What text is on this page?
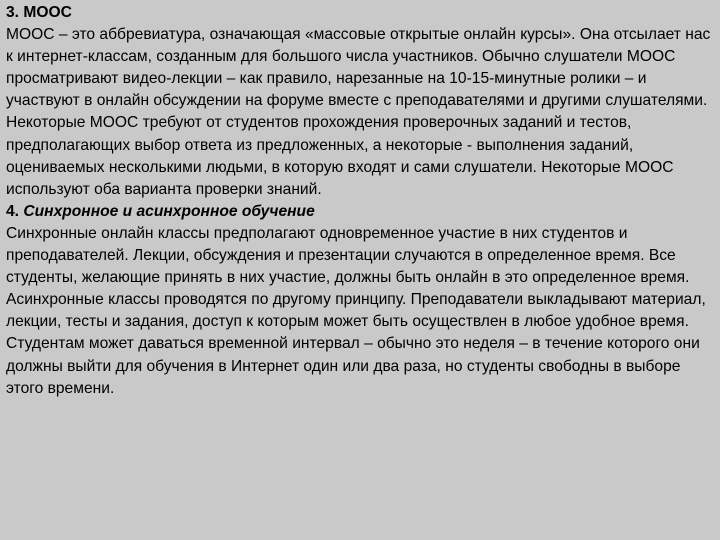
3. MOOC
MOOC – это аббревиатура, означающая «массовые открытые онлайн курсы». Она отсылает нас к интернет-классам, созданным для большого числа участников. Обычно слушатели MOOC просматривают видео-лекции – как правило, нарезанные на 10-15-минутные ролики – и участвуют в онлайн обсуждении на форуме вместе с преподавателями и другими слушателями. Некоторые MOOC требуют от студентов прохождения проверочных заданий и тестов, предполагающих выбор ответа из предложенных, а некоторые - выполнения заданий, оцениваемых несколькими людьми, в которую входят и сами слушатели. Некоторые MOOC используют оба варианта проверки знаний.
4. Синхронное и асинхронное обучение
Синхронные онлайн классы предполагают одновременное участие в них студентов и преподавателей. Лекции, обсуждения и презентации случаются в определенное время. Все студенты, желающие принять в них участие, должны быть онлайн в это определенное время. Асинхронные классы проводятся по другому принципу. Преподаватели выкладывают материал, лекции, тесты и задания, доступ к которым может быть осуществлен в любое удобное время. Студентам может даваться временной интервал – обычно это неделя – в течение которого они должны выйти для обучения в Интернет один или два раза, но студенты свободны в выборе этого времени.
